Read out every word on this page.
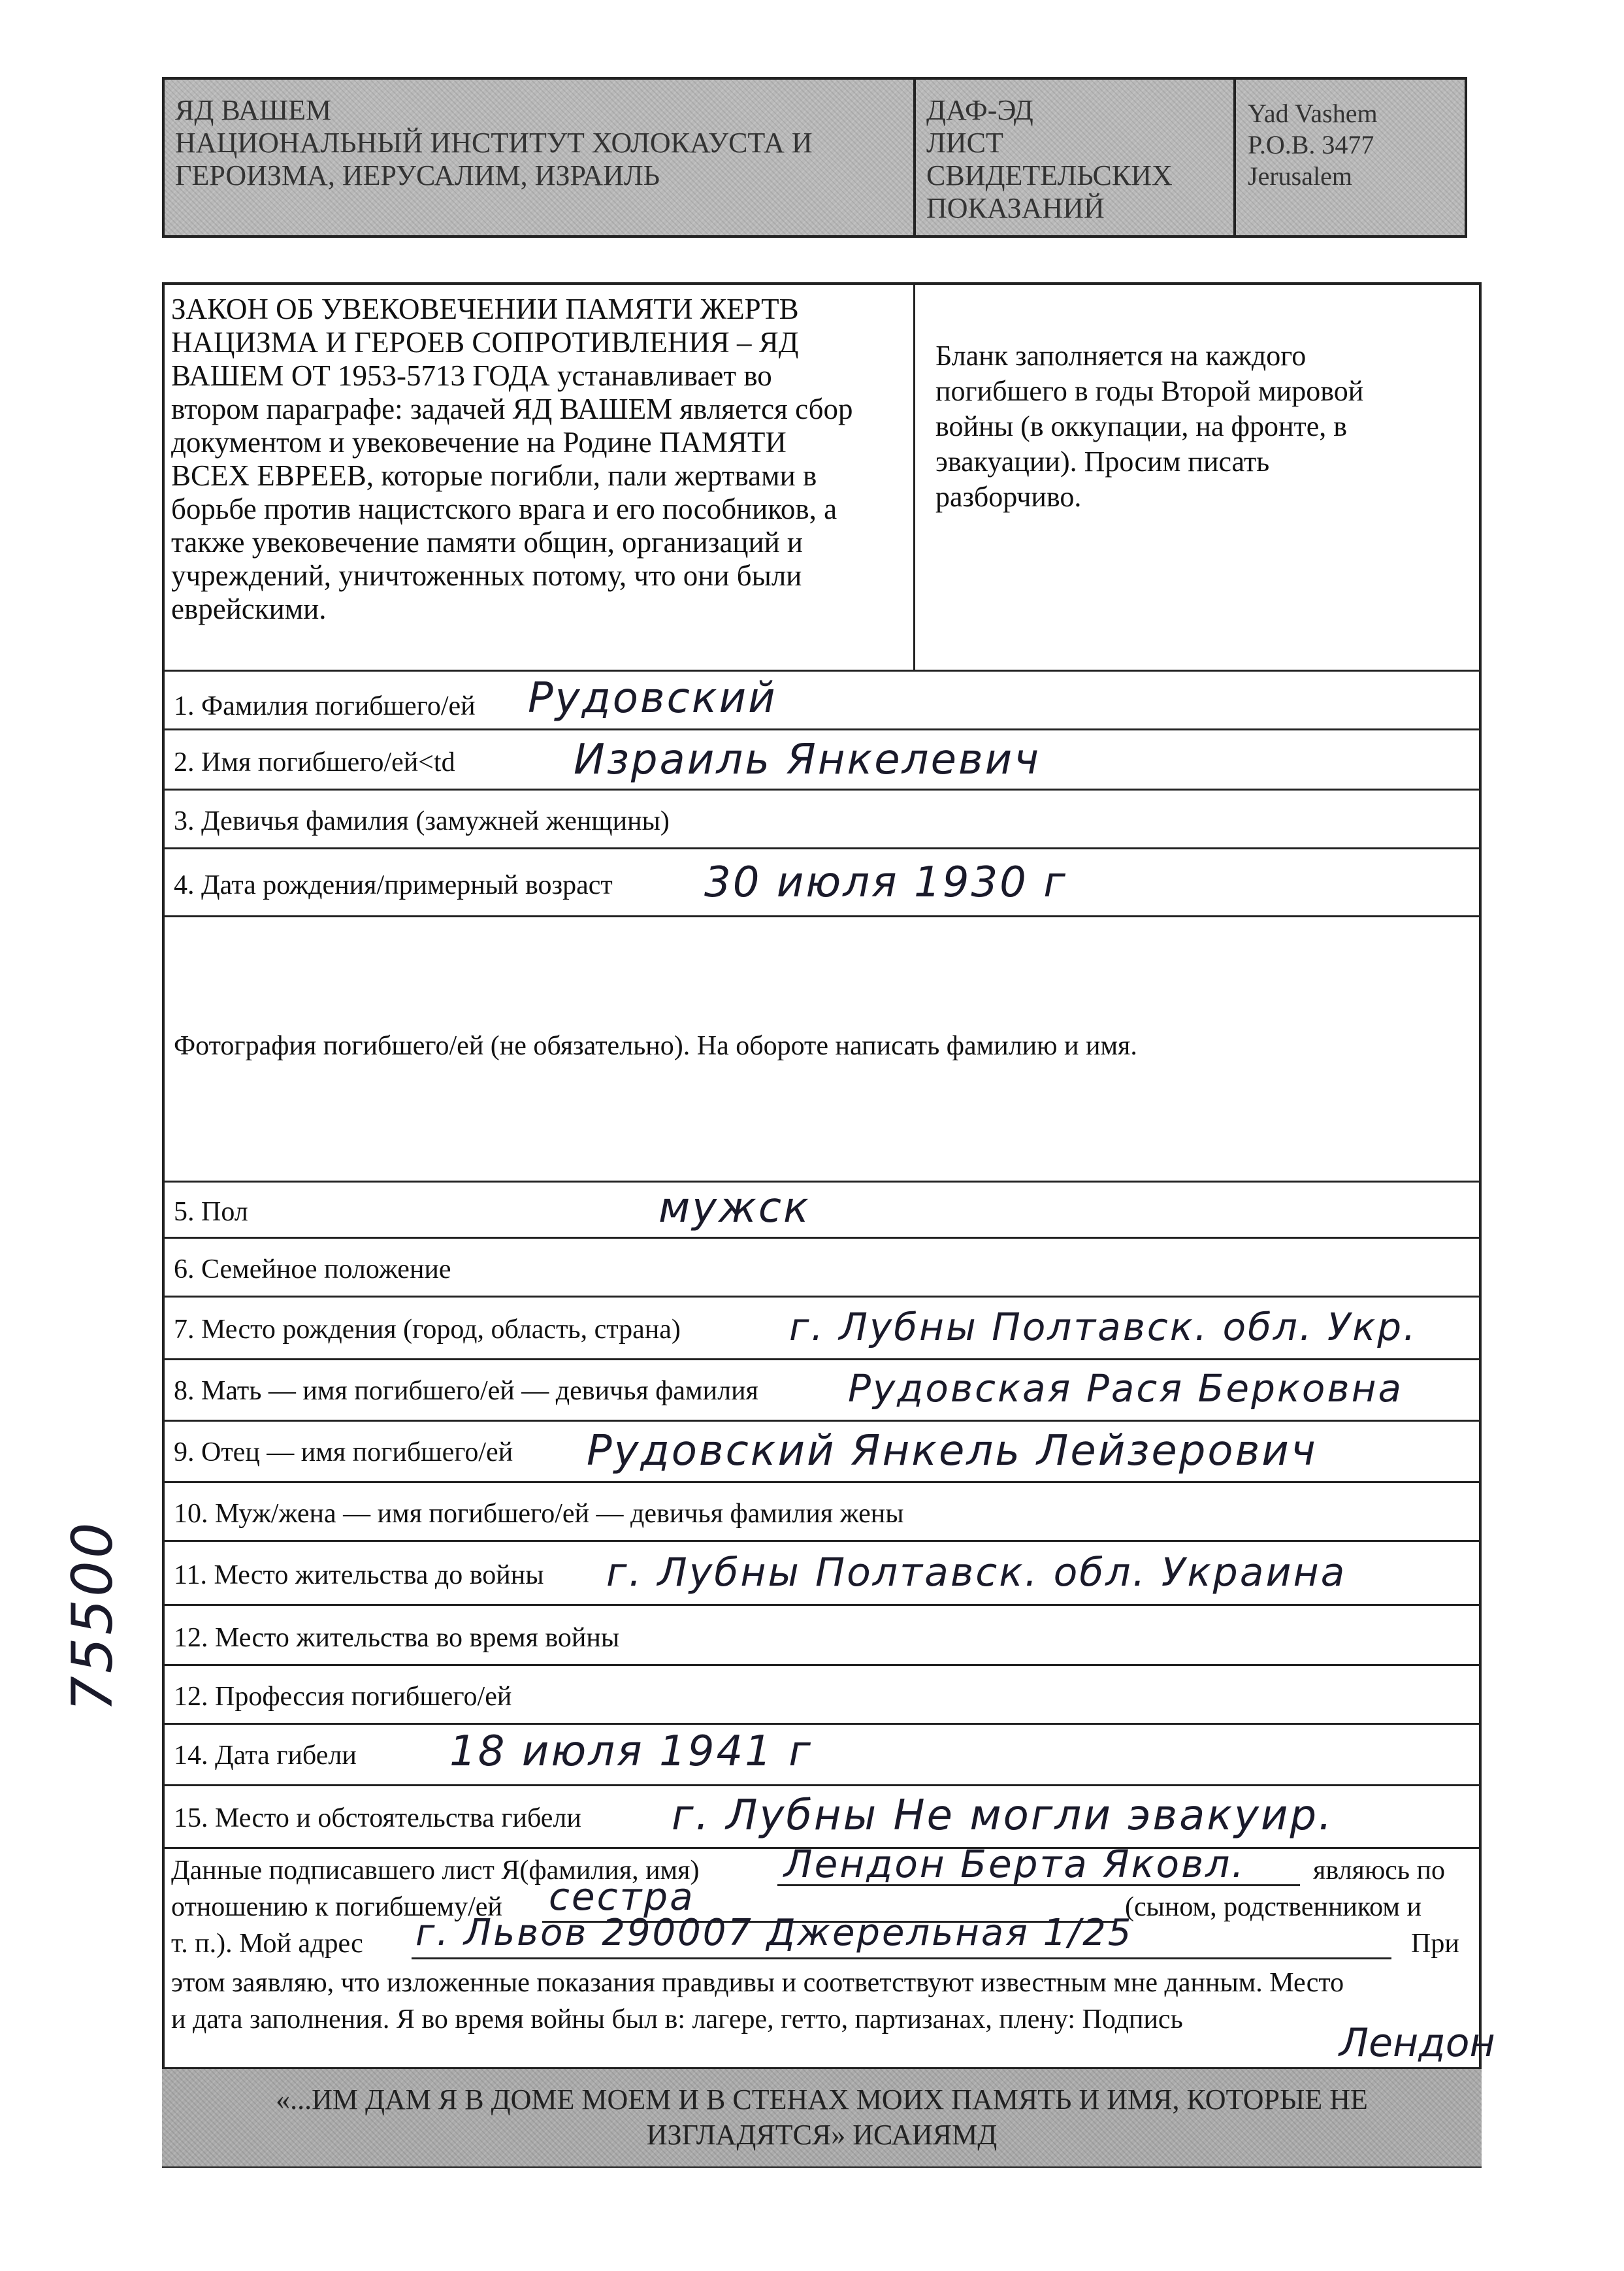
ЯД ВАШЕМ
НАЦИОНАЛЬНЫЙ ИНСТИТУТ ХОЛОКАУСТА И
ГЕРОИЗМА, ИЕРУСАЛИМ, ИЗРАИЛЬ
ДАФ-ЭД
ЛИСТ
СВИДЕТЕЛЬСКИХ
ПОКАЗАНИЙ
Yad Vashem
P.O.B. 3477
Jerusalem
ЗАКОН ОБ УВЕКОВЕЧЕНИИ ПАМЯТИ ЖЕРТВ
НАЦИЗМА И ГЕРОЕВ СОПРОТИВЛЕНИЯ – ЯД
ВАШЕМ ОТ 1953-5713 ГОДА устанавливает во
втором параграфе: задачей ЯД ВАШЕМ является сбор
документом и увековечение на Родине ПАМЯТИ
ВСЕХ ЕВРЕЕВ, которые погибли, пали жертвами в
борьбе против нацистского врага и его пособников, а
также увековечение памяти общин, организаций и
учреждений, уничтоженных потому, что они были
еврейскими.
Бланк заполняется на каждого
погибшего в годы Второй мировой
войны (в оккупации, на фронте, в
эвакуации). Просим писать
разборчиво.
1. Фамилия погибшего/ей Рудовский
2. Имя погибшего/ей<td	Израиль Янкелевич
3. Девичья фамилия (замужней женщины)
4. Дата рождения/примерный возраст 30 июля 1930 г
Фотография погибшего/ей (не обязательно). На обороте написать фамилию и имя.
5. Пол	мужск
6. Семейное положение
7. Место рождения (город, область, страна)	г. Лубны Полтавск. обл. Укр.
8. Мать — имя погибшего/ей — девичья фамилия Рудовская Рася Берковна
9. Отец — имя погибшего/ей Рудовский Янкель Лейзерович
10. Муж/жена — имя погибшего/ей — девичья фамилия жены
11. Место жительства до войны г. Лубны Полтавск. обл. Украина
12. Место жительства во время войны
12. Профессия погибшего/ей
14. Дата гибели 18 июля 1941 г
15. Место и обстоятельства гибели г. Лубны Не могли эвакуир.
Данные подписавшего лист Я(фамилия, имя) Лендон Берта Яковл. являюсь по
отношению к погибшему/ей сестра	(сыном, родственником и
т. п.). Мой адрес г. Львов 290007 Джерельная 1/25	При
этом заявляю, что изложенные показания правдивы и соответствуют известным мне данным. Место
и дата заполнения. Я во время войны был в: лагере, гетто, партизанах, плену: Подпись
Лендон
«...ИМ ДАМ Я В ДОМЕ МОЕМ И В СТЕНАХ МОИХ ПАМЯТЬ И ИМЯ, КОТОРЫЕ НЕ
ИЗГЛАДЯТСЯ» ИСАИЯМД
75500
